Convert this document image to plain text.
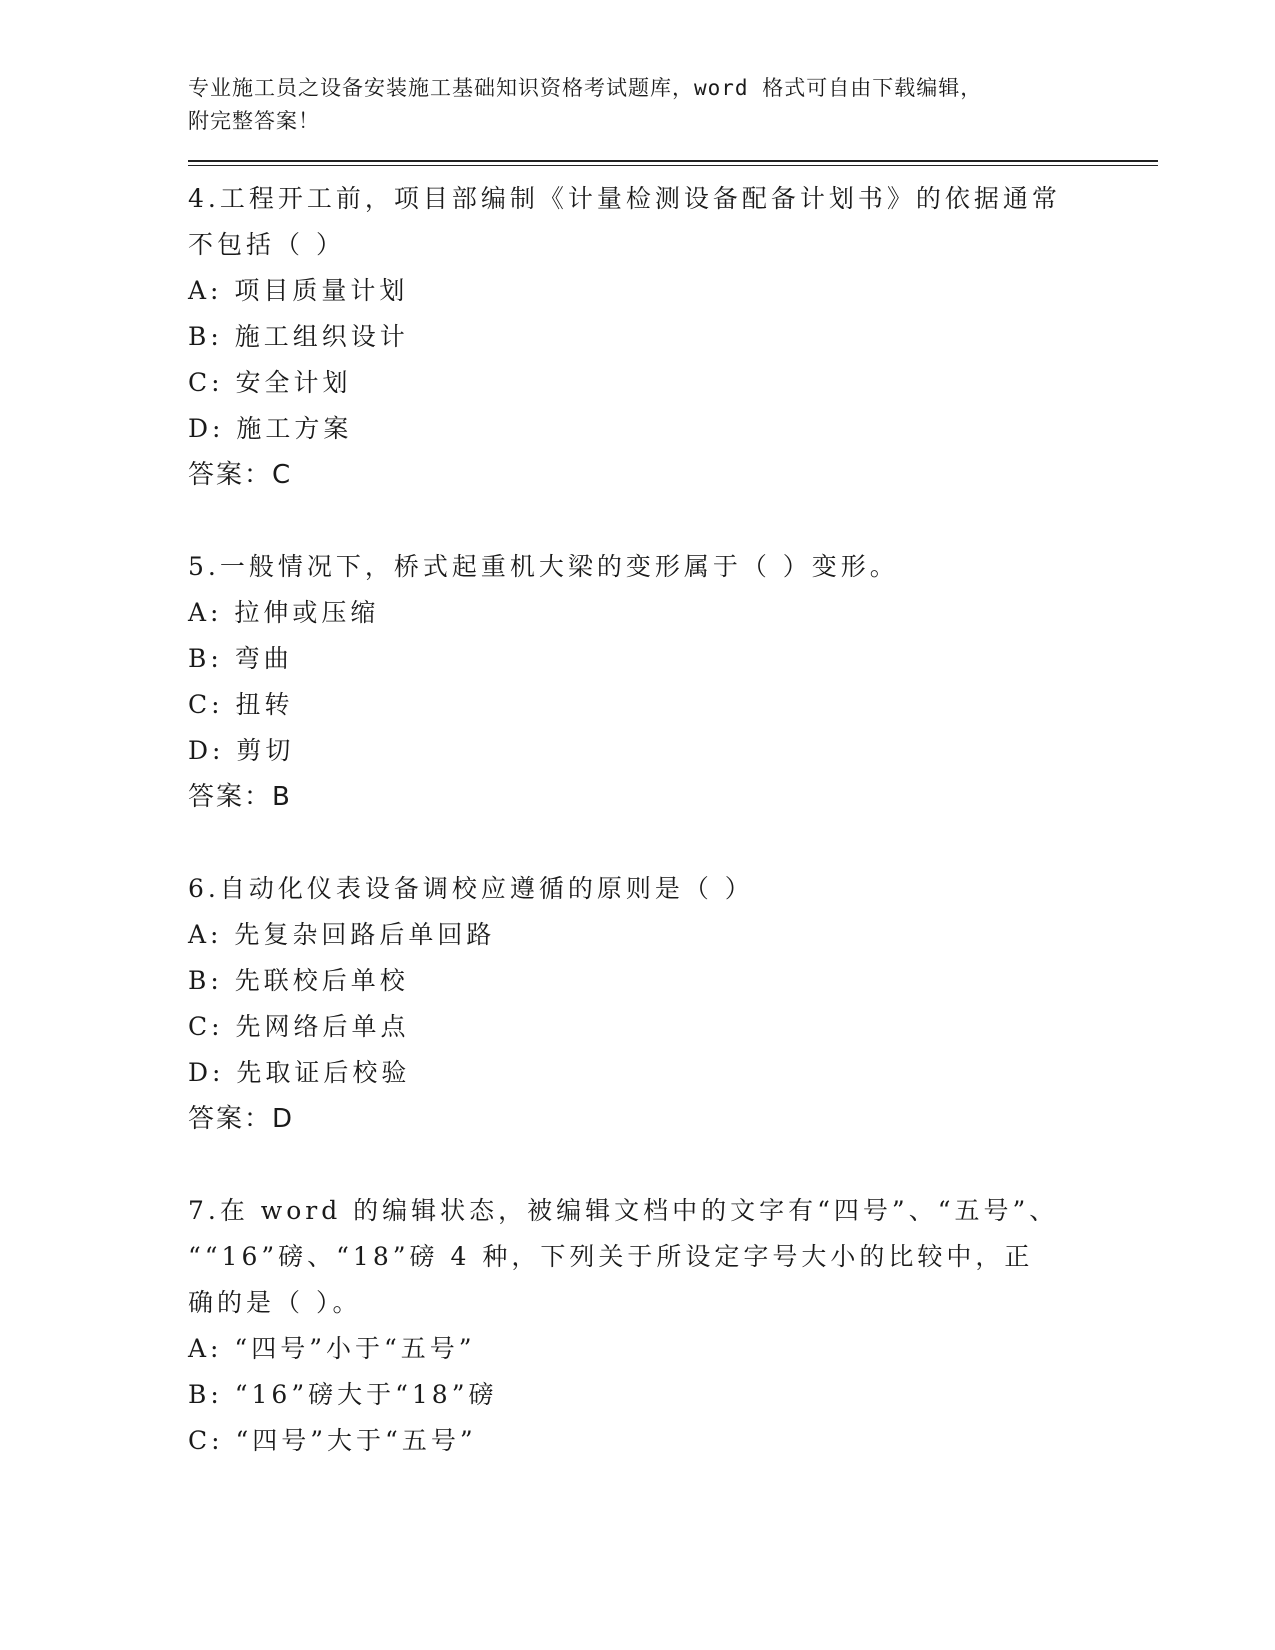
专业施工员之设备安装施工基础知识资格考试题库，word 格式可自由下载编辑，
附完整答案！

4.工程开工前，项目部编制《计量检测设备配备计划书》的依据通常

不包括（ ）

A: 项目质量计划

B: 施工组织设计

C: 安全计划

D: 施工方案

答案：C

5.一般情况下，桥式起重机大梁的变形属于（ ）变形。

A: 拉伸或压缩

B: 弯曲

C: 扭转

D: 剪切

答案：B

6.自动化仪表设备调校应遵循的原则是（ ）

A: 先复杂回路后单回路

B: 先联校后单校

C: 先网络后单点

D: 先取证后校验

答案：D

7.在 word 的编辑状态，被编辑文档中的文字有“四号”、“五号”、

““16”磅、“18”磅 4 种，下列关于所设定字号大小的比较中，正

确的是（ ）。

A: “四号”小于“五号”

B: “16”磅大于“18”磅

C: “四号”大于“五号”
